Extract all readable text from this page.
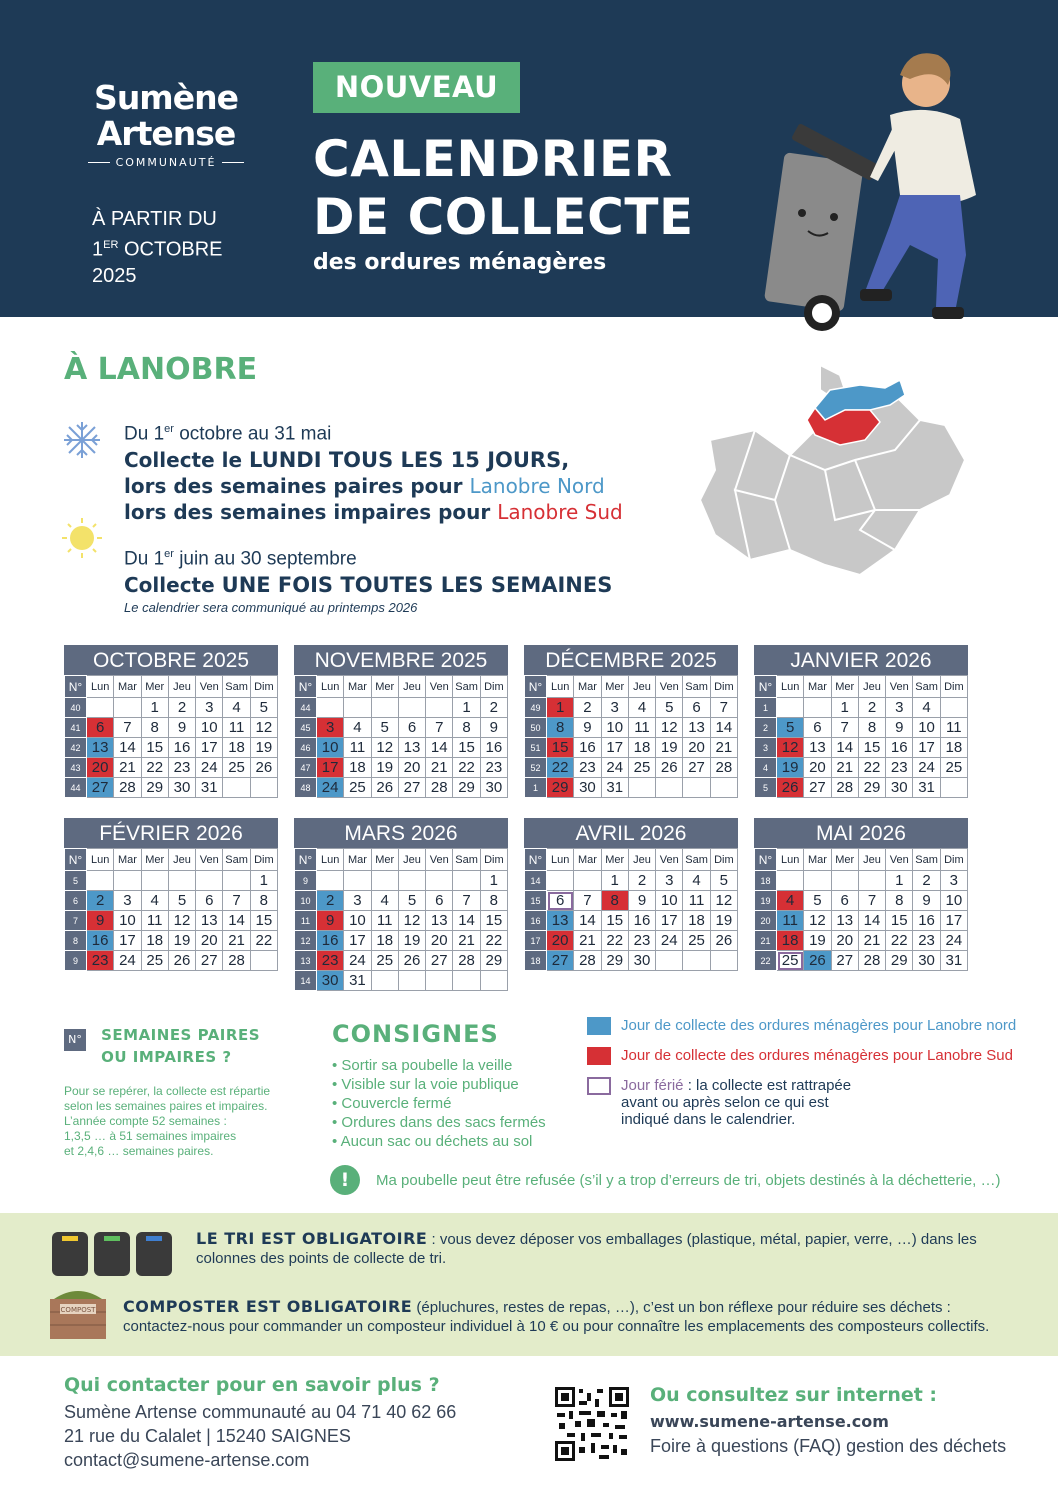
Sumène
Artense
COMMUNAUTÉ
À PARTIR DU
1ER OCTOBRE
2025
NOUVEAU
CALENDRIER
DE COLLECTE
des ordures ménagères
À LANOBRE
Du 1er octobre au 31 mai
Collecte le LUNDI TOUS LES 15 JOURS,
lors des semaines paires pour Lanobre Nord
lors des semaines impaires pour Lanobre Sud
Du 1er juin au 30 septembre
Collecte UNE FOIS TOUTES LES SEMAINES
Le calendrier sera communiqué au printemps 2026
OCTOBRE 2025
N°	Lun	Mar	Mer	Jeu	Ven	Sam	Dim
40			1	2	3	4	5
41	6	7	8	9	10	11	12
42	13	14	15	16	17	18	19
43	20	21	22	23	24	25	26
44	27	28	29	30	31		
NOVEMBRE 2025
N°	Lun	Mar	Mer	Jeu	Ven	Sam	Dim
44						1	2
45	3	4	5	6	7	8	9
46	10	11	12	13	14	15	16
47	17	18	19	20	21	22	23
48	24	25	26	27	28	29	30
DÉCEMBRE 2025
N°	Lun	Mar	Mer	Jeu	Ven	Sam	Dim
49	1	2	3	4	5	6	7
50	8	9	10	11	12	13	14
51	15	16	17	18	19	20	21
52	22	23	24	25	26	27	28
1	29	30	31				
JANVIER 2026
N°	Lun	Mar	Mer	Jeu	Ven	Sam	Dim
1			1	2	3	4	
2	5	6	7	8	9	10	11
3	12	13	14	15	16	17	18
4	19	20	21	22	23	24	25
5	26	27	28	29	30	31	
FÉVRIER 2026
N°	Lun	Mar	Mer	Jeu	Ven	Sam	Dim
5							1
6	2	3	4	5	6	7	8
7	9	10	11	12	13	14	15
8	16	17	18	19	20	21	22
9	23	24	25	26	27	28	
MARS 2026
N°	Lun	Mar	Mer	Jeu	Ven	Sam	Dim
9							1
10	2	3	4	5	6	7	8
11	9	10	11	12	13	14	15
12	16	17	18	19	20	21	22
13	23	24	25	26	27	28	29
14	30	31					
AVRIL 2026
N°	Lun	Mar	Mer	Jeu	Ven	Sam	Dim
14			1	2	3	4	5
15	6	7	8	9	10	11	12
16	13	14	15	16	17	18	19
17	20	21	22	23	24	25	26
18	27	28	29	30			
MAI 2026
N°	Lun	Mar	Mer	Jeu	Ven	Sam	Dim
18					1	2	3
19	4	5	6	7	8	9	10
20	11	12	13	14	15	16	17
21	18	19	20	21	22	23	24
22	25	26	27	28	29	30	31
N° SEMAINES PAIRES
OU IMPAIRES ?
Pour se repérer, la collecte est répartie
selon les semaines paires et impaires.
L’année compte 52 semaines :
1,3,5 … à 51 semaines impaires
et 2,4,6 … semaines paires.
CONSIGNES
• Sortir sa poubelle la veille
• Visible sur la voie publique
• Couvercle fermé
• Ordures dans des sacs fermés
• Aucun sac ou déchets au sol
Jour de collecte des ordures ménagères pour Lanobre nord
Jour de collecte des ordures ménagères pour Lanobre Sud
Jour férié : la collecte est rattrapée
avant ou après selon ce qui est
indiqué dans le calendrier.
!	Ma poubelle peut être refusée (s’il y a trop d’erreurs de tri, objets destinés à la déchetterie, …)
COMPOST
LE TRI EST OBLIGATOIRE : vous devez déposer vos emballages (plastique, métal, papier, verre, …) dans les colonnes des points de collecte de tri.
COMPOSTER EST OBLIGATOIRE (épluchures, restes de repas, …), c’est un bon réflexe pour réduire ses déchets : contactez-nous pour commander un composteur individuel à 10 € ou pour connaître les emplacements des composteurs collectifs.
Qui contacter pour en savoir plus ?
Sumène Artense communauté au 04 71 40 62 66
21 rue du Calalet | 15240 SAIGNES
contact@sumene-artense.com
Ou consultez sur internet :
www.sumene-artense.com
Foire à questions (FAQ) gestion des déchets
